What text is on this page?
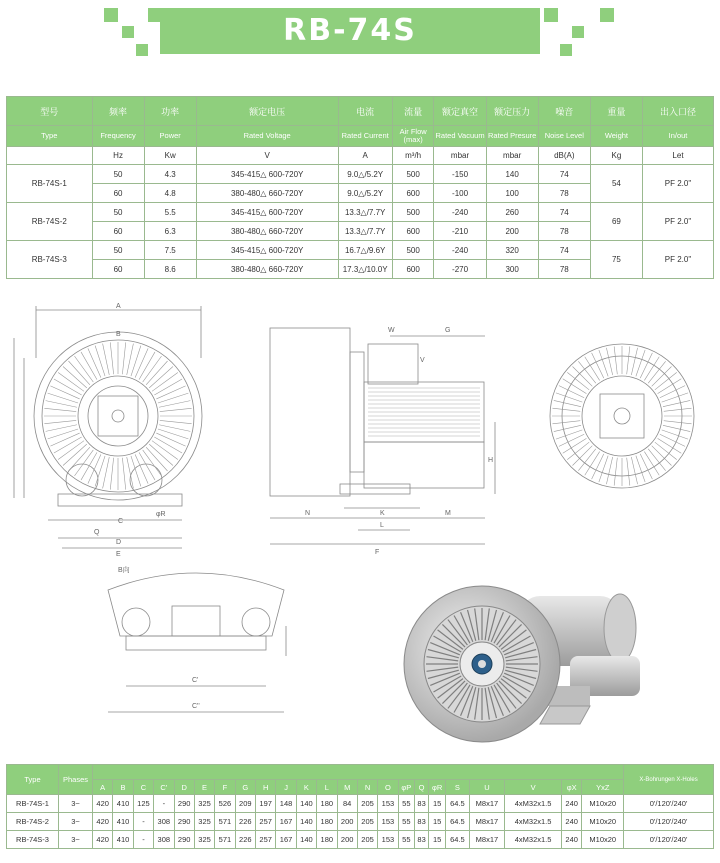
RB-74S
型号	频率	功率	额定电压	电流	流量	额定真空	额定压力	噪音	重量	出入口径
Type	Frequency	Power	Rated Voltage	Rated Current	Air Flow (max)	Rated Vacuum	Rated Presure	Noise Level	Weight	In/out
	Hz	Kw	V	A	m³/h	mbar	mbar	dB(A)	Kg	Let
RB-74S-1	50	4.3	345-415△ 600-720Y	9.0△/5.2Y	500	-150	140	74	54	PF 2.0"
	60	4.8	380-480△ 660-720Y	9.0△/5.2Y	600	-100	100	78		
RB-74S-2	50	5.5	345-415△ 600-720Y	13.3△/7.7Y	500	-240	260	74	69	PF 2.0"
	60	6.3	380-480△ 660-720Y	13.3△/7.7Y	600	-210	200	78		
RB-74S-3	50	7.5	345-415△ 600-720Y	16.7△/9.6Y	500	-240	320	74	75	PF 2.0"
	60	8.6	380-480△ 660-720Y	17.3△/10.0Y	600	-270	300	78		
A
B
C
D
E
Q
φR
W	G
V
N	K
L
M
F
H
B向
C'
C''
Type	Phases																								X-Bohrungen X-Holes
		A	B	C	C'	D	E	F	G	H	J	K	L	M	N	O	φP	Q	φR	S	U	V	φX	YxZ	
RB-74S-1	3~	420	410	125	-	290	325	526	209	197	148	140	180	84	205	153	55	83	15	64.5	M8x17	4xM32x1.5	240	M10x20	0'/120'/240'
RB-74S-2	3~	420	410	-	308	290	325	571	226	257	167	140	180	200	205	153	55	83	15	64.5	M8x17	4xM32x1.5	240	M10x20	0'/120'/240'
RB-74S-3	3~	420	410	-	308	290	325	571	226	257	167	140	180	200	205	153	55	83	15	64.5	M8x17	4xM32x1.5	240	M10x20	0'/120'/240'
